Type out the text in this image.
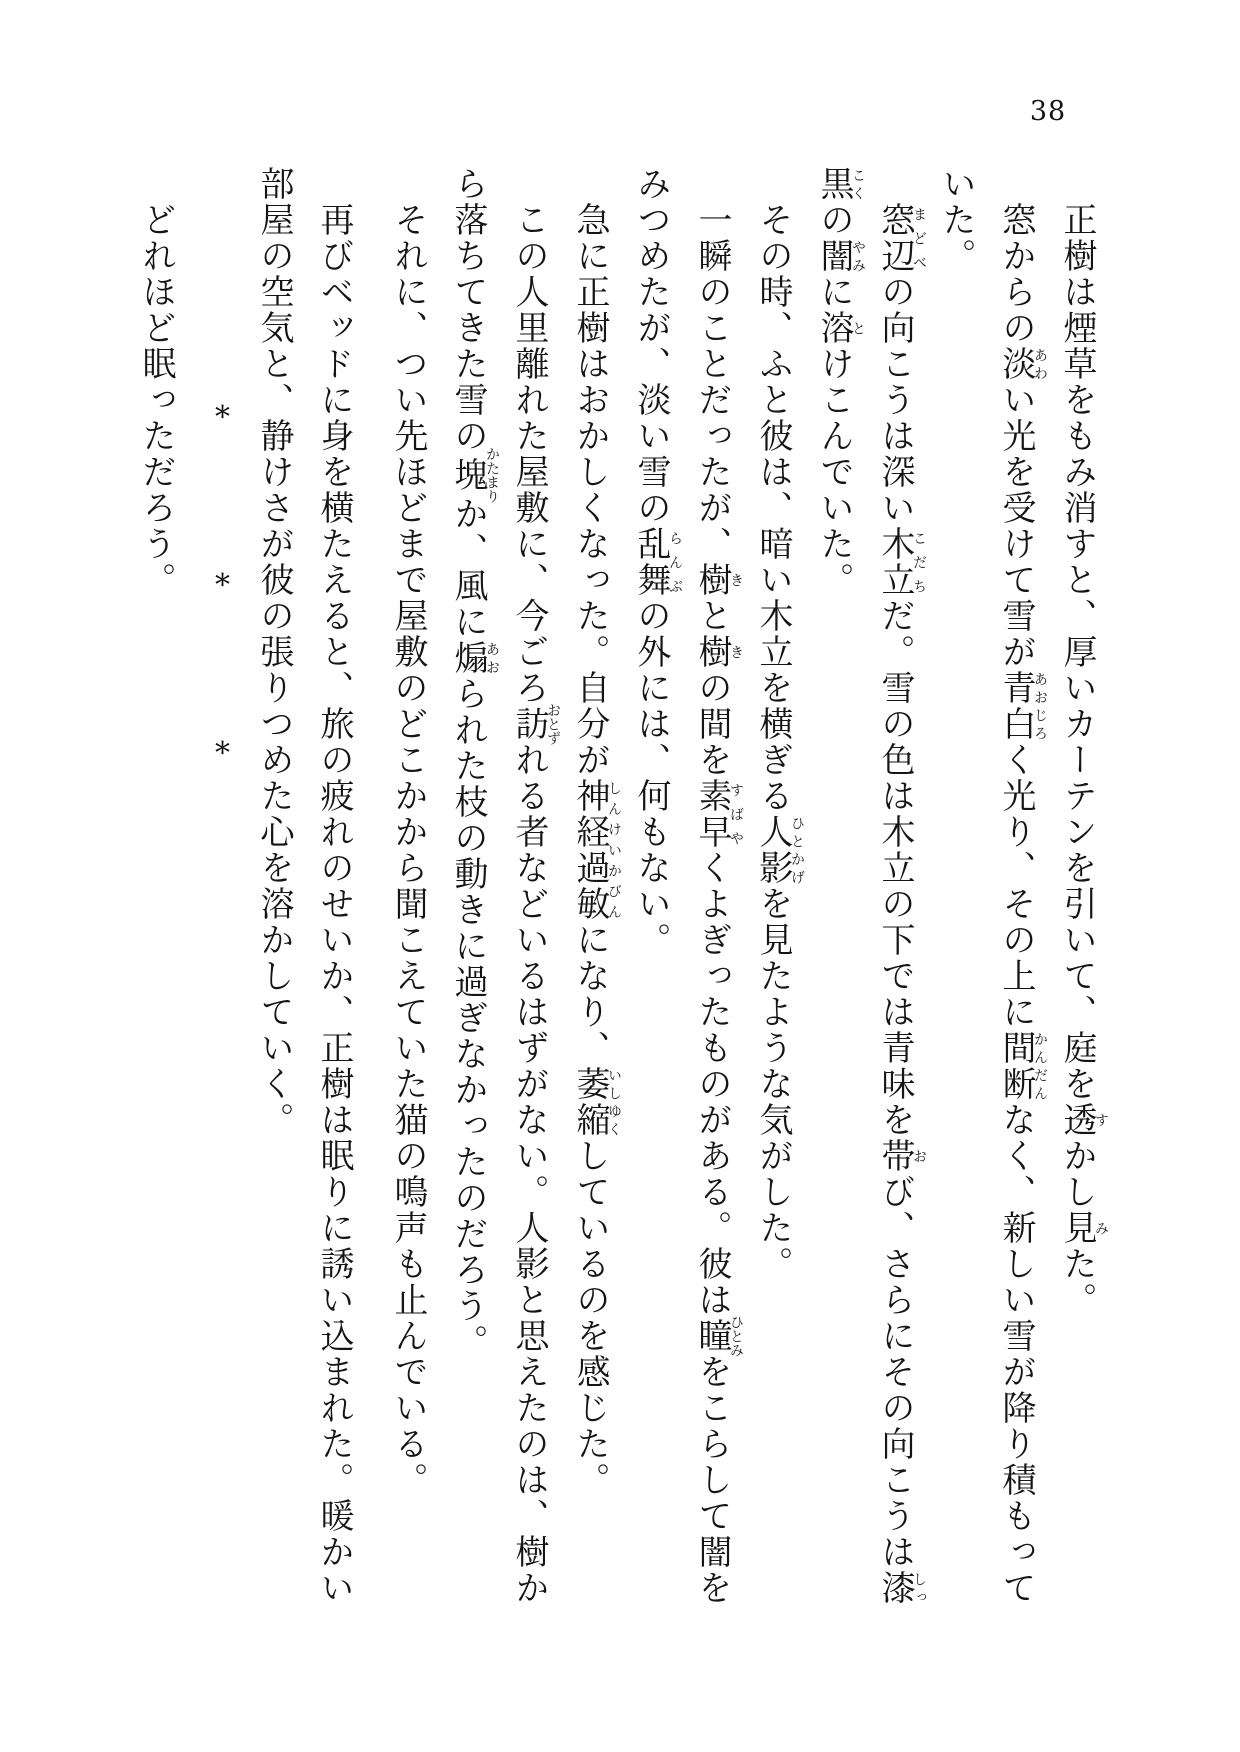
38

正樹は煙草をもみ消すと、厚いカーテンを引いて、庭を透すかし見みた。

窓からの淡あわい光を受けて雪が青白あおじろく光り、その上に間断かんだんなく、新しい雪が降り積もって

いた。

窓辺まどべの向こうは深い木立こだちだ。雪の色は木立の下では青味を帯おび、さらにその向こうは漆しっ

黒こくの闇やみに溶とけこんでいた。

その時、ふと彼は、暗い木立を横ぎる人影ひとかげを見たような気がした。

一瞬のことだったが、樹きと樹きの間を素早すばやくよぎったものがある。彼は瞳ひとみをこらして闇を

みつめたが、淡い雪の乱舞らんぶの外には、何もない。

急に正樹はおかしくなった。自分が神経過敏しんけいかびんになり、萎縮いしゆくしているのを感じた。

この人里離れた屋敷に、今ごろ訪おとずれる者などいるはずがない。人影と思えたのは、樹か

ら落ちてきた雪の塊かたまりか、風に煽あおられた枝の動きに過ぎなかったのだろう。

それに、つい先ほどまで屋敷のどこかから聞こえていた猫の鳴声も止んでいる。

再びベッドに身を横たえると、旅の疲れのせいか、正樹は眠りに誘い込まれた。暖かい

部屋の空気と、静けさが彼の張りつめた心を溶かしていく。

***

どれほど眠っただろう。
